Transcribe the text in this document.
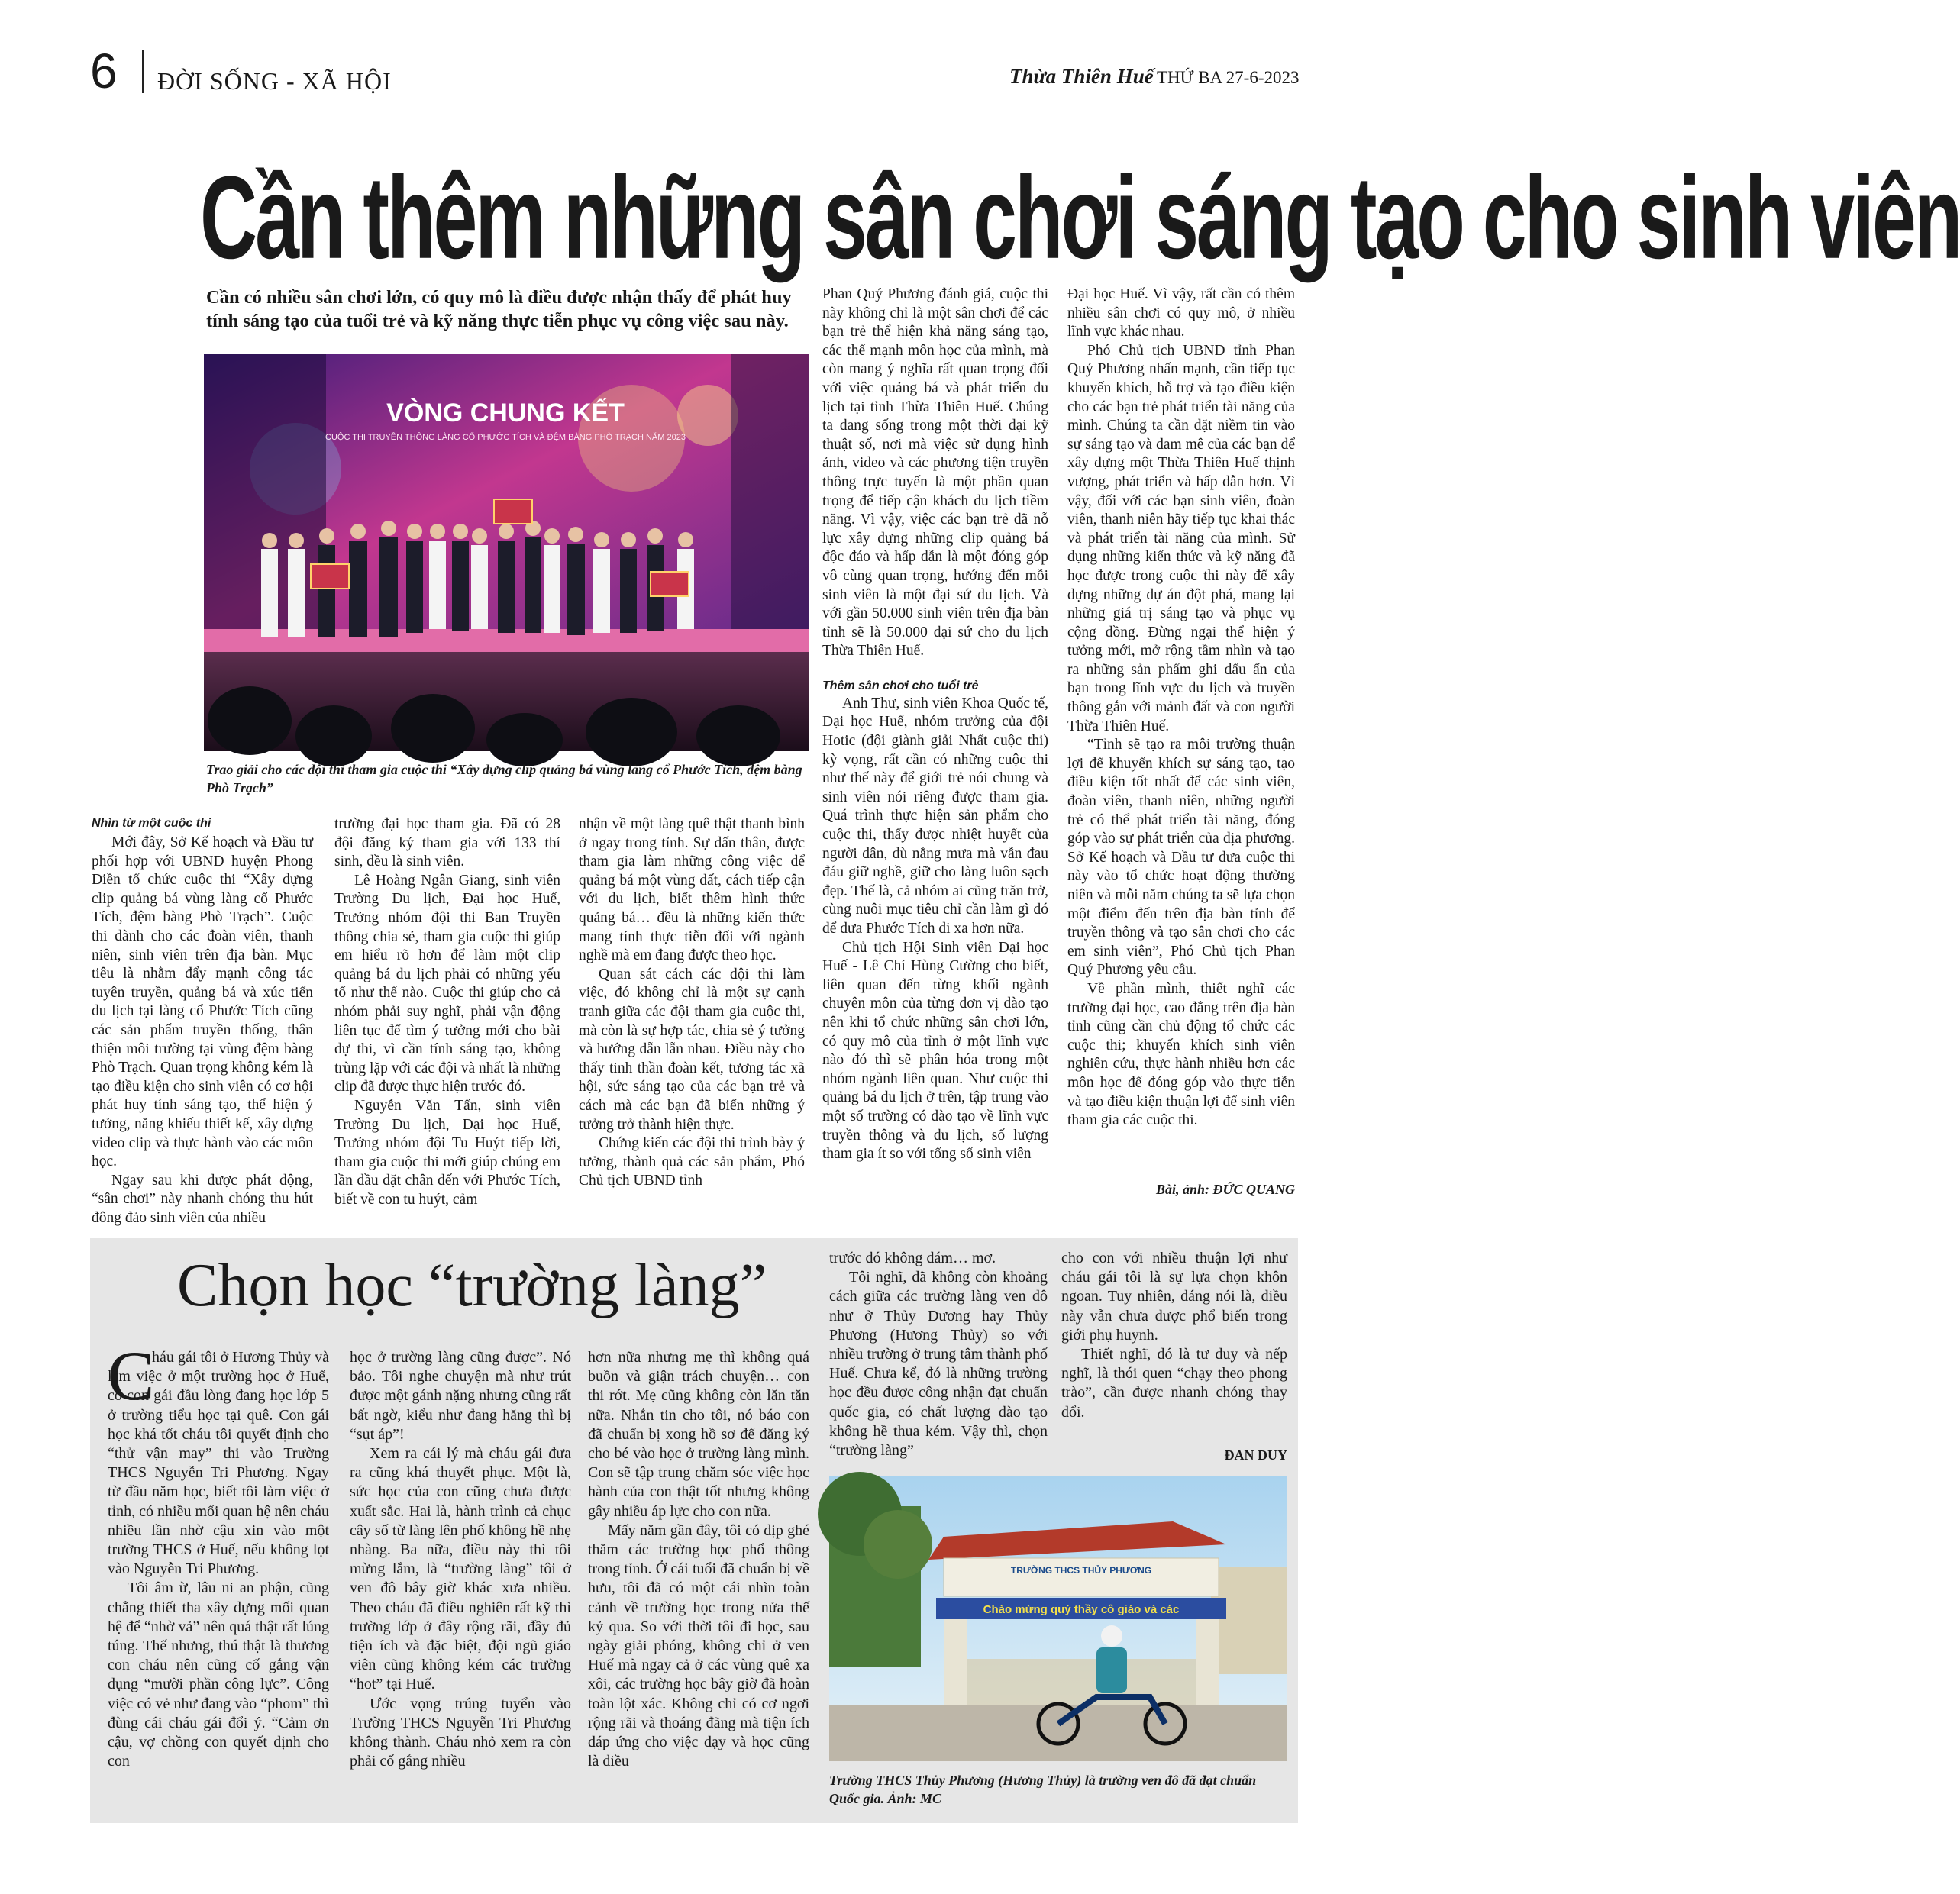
6 ĐỜI SỐNG - XÃ HỘI	Thừa Thiên Huế THỨ BA 27-6-2023
Cần thêm những sân chơi sáng tạo cho sinh viên
Cần có nhiều sân chơi lớn, có quy mô là điều được nhận thấy để phát huy tính sáng tạo của tuổi trẻ và kỹ năng thực tiễn phục vụ công việc sau này.
VÒNG CHUNG KẾT
CUỘC THI TRUYỀN THÔNG LÀNG CỔ PHƯỚC TÍCH VÀ ĐỆM BÀNG PHÒ TRẠCH NĂM 2023
Trao giải cho các đội thi tham gia cuộc thi “Xây dựng clip quảng bá vùng làng cổ Phước Tích, đệm bàng Phò Trạch”
Nhìn từ một cuộc thi

Mới đây, Sở Kế hoạch và Đầu tư phối hợp với UBND huyện Phong Điền tổ chức cuộc thi “Xây dựng clip quảng bá vùng làng cổ Phước Tích, đệm bàng Phò Trạch”. Cuộc thi dành cho các đoàn viên, thanh niên, sinh viên trên địa bàn. Mục tiêu là nhằm đẩy mạnh công tác tuyên truyền, quảng bá và xúc tiến du lịch tại làng cổ Phước Tích cũng các sản phẩm truyền thống, thân thiện môi trường tại vùng đệm bàng Phò Trạch. Quan trọng không kém là tạo điều kiện cho sinh viên có cơ hội phát huy tính sáng tạo, thể hiện ý tưởng, năng khiếu thiết kế, xây dựng video clip và thực hành vào các môn học.

Ngay sau khi được phát động, “sân chơi” này nhanh chóng thu hút đông đảo sinh viên của nhiều

trường đại học tham gia. Đã có 28 đội đăng ký tham gia với 133 thí sinh, đều là sinh viên.

Lê Hoàng Ngân Giang, sinh viên Trường Du lịch, Đại học Huế, Trưởng nhóm đội thi Ban Truyền thông chia sẻ, tham gia cuộc thi giúp em hiểu rõ hơn để làm một clip quảng bá du lịch phải có những yếu tố như thế nào. Cuộc thi giúp cho cả nhóm phải suy nghĩ, phải vận động liên tục để tìm ý tưởng mới cho bài dự thi, vì cần tính sáng tạo, không trùng lặp với các đội và nhất là những clip đã được thực hiện trước đó.

Nguyễn Văn Tấn, sinh viên Trường Du lịch, Đại học Huế, Trưởng nhóm đội Tu Huýt tiếp lời, tham gia cuộc thi mới giúp chúng em lần đầu đặt chân đến với Phước Tích, biết về con tu huýt, cảm

nhận về một làng quê thật thanh bình ở ngay trong tỉnh. Sự dấn thân, được tham gia làm những công việc để quảng bá một vùng đất, cách tiếp cận với du lịch, biết thêm hình thức quảng bá… đều là những kiến thức mang tính thực tiễn đối với ngành nghề mà em đang được theo học.

Quan sát cách các đội thi làm việc, đó không chỉ là một sự cạnh tranh giữa các đội tham gia cuộc thi, mà còn là sự hợp tác, chia sẻ ý tưởng và hướng dẫn lẫn nhau. Điều này cho thấy tinh thần đoàn kết, tương tác xã hội, sức sáng tạo của các bạn trẻ và cách mà các bạn đã biến những ý tưởng trở thành hiện thực.

Chứng kiến các đội thi trình bày ý tưởng, thành quả các sản phẩm, Phó Chủ tịch UBND tỉnh

Phan Quý Phương đánh giá, cuộc thi này không chỉ là một sân chơi để các bạn trẻ thể hiện khả năng sáng tạo, các thế mạnh môn học của mình, mà còn mang ý nghĩa rất quan trọng đối với việc quảng bá và phát triển du lịch tại tỉnh Thừa Thiên Huế. Chúng ta đang sống trong một thời đại kỹ thuật số, nơi mà việc sử dụng hình ảnh, video và các phương tiện truyền thông trực tuyến là một phần quan trọng để tiếp cận khách du lịch tiềm năng. Vì vậy, việc các bạn trẻ đã nỗ lực xây dựng những clip quảng bá độc đáo và hấp dẫn là một đóng góp vô cùng quan trọng, hướng đến mỗi sinh viên là một đại sứ du lịch. Và với gần 50.000 sinh viên trên địa bàn tỉnh sẽ là 50.000 đại sứ cho du lịch Thừa Thiên Huế.

Thêm sân chơi cho tuổi trẻ

Anh Thư, sinh viên Khoa Quốc tế, Đại học Huế, nhóm trưởng của đội Hotic (đội giành giải Nhất cuộc thi) kỳ vọng, rất cần có những cuộc thi như thế này để giới trẻ nói chung và sinh viên nói riêng được tham gia. Quá trình thực hiện sản phẩm cho cuộc thi, thấy được nhiệt huyết của người dân, dù nắng mưa mà vẫn đau đáu giữ nghề, giữ cho làng luôn sạch đẹp. Thế là, cả nhóm ai cũng trăn trở, cùng nuôi mục tiêu chỉ cần làm gì đó để đưa Phước Tích đi xa hơn nữa.

Chủ tịch Hội Sinh viên Đại học Huế - Lê Chí Hùng Cường cho biết, liên quan đến từng khối ngành chuyên môn của từng đơn vị đào tạo nên khi tổ chức những sân chơi lớn, có quy mô của tỉnh ở một lĩnh vực nào đó thì sẽ phân hóa trong một nhóm ngành liên quan. Như cuộc thi quảng bá du lịch ở trên, tập trung vào một số trường có đào tạo về lĩnh vực truyền thông và du lịch, số lượng tham gia ít so với tổng số sinh viên

Đại học Huế. Vì vậy, rất cần có thêm nhiều sân chơi có quy mô, ở nhiều lĩnh vực khác nhau.

Phó Chủ tịch UBND tỉnh Phan Quý Phương nhấn mạnh, cần tiếp tục khuyến khích, hỗ trợ và tạo điều kiện cho các bạn trẻ phát triển tài năng của mình. Chúng ta cần đặt niềm tin vào sự sáng tạo và đam mê của các bạn để xây dựng một Thừa Thiên Huế thịnh vượng, phát triển và hấp dẫn hơn. Vì vậy, đối với các bạn sinh viên, đoàn viên, thanh niên hãy tiếp tục khai thác và phát triển tài năng của mình. Sử dụng những kiến thức và kỹ năng đã học được trong cuộc thi này để xây dựng những dự án đột phá, mang lại những giá trị sáng tạo và phục vụ cộng đồng. Đừng ngại thể hiện ý tưởng mới, mở rộng tầm nhìn và tạo ra những sản phẩm ghi dấu ấn của bạn trong lĩnh vực du lịch và truyền thông gắn với mảnh đất và con người Thừa Thiên Huế.

“Tỉnh sẽ tạo ra môi trường thuận lợi để khuyến khích sự sáng tạo, tạo điều kiện tốt nhất để các sinh viên, đoàn viên, thanh niên, những người trẻ có thể phát triển tài năng, đóng góp vào sự phát triển của địa phương. Sở Kế hoạch và Đầu tư đưa cuộc thi này vào tổ chức hoạt động thường niên và mỗi năm chúng ta sẽ lựa chọn một điểm đến trên địa bàn tỉnh để truyền thông và tạo sân chơi cho các em sinh viên”, Phó Chủ tịch Phan Quý Phương yêu cầu.

Về phần mình, thiết nghĩ các trường đại học, cao đẳng trên địa bàn tỉnh cũng cần chủ động tổ chức các cuộc thi; khuyến khích sinh viên nghiên cứu, thực hành nhiều hơn các môn học để đóng góp vào thực tiễn và tạo điều kiện thuận lợi để sinh viên tham gia các cuộc thi.

Bài, ảnh: ĐỨC QUANG
Chọn học “trường làng”
C

háu gái tôi ở Hương Thủy và làm việc ở một trường học ở Huế, có con gái đầu lòng đang học lớp 5 ở trường tiểu học tại quê. Con gái học khá tốt cháu tôi quyết định cho “thử vận may” thi vào Trường THCS Nguyễn Tri Phương. Ngay từ đầu năm học, biết tôi làm việc ở tỉnh, có nhiều mối quan hệ nên cháu nhiều lần nhờ cậu xin vào một trường THCS ở Huế, nếu không lọt vào Nguyễn Tri Phương.

Tôi âm ừ, lâu ni an phận, cũng chẳng thiết tha xây dựng mối quan hệ để “nhờ vả” nên quá thật rất lúng túng. Thế nhưng, thú thật là thương con cháu nên cũng cố gắng vận dụng “mười phần công lực”. Công việc có vẻ như đang vào “phom” thì đùng cái cháu gái đổi ý. “Cảm ơn cậu, vợ chồng con quyết định cho con

học ở trường làng cũng được”. Nó bảo. Tôi nghe chuyện mà như trút được một gánh nặng nhưng cũng rất bất ngờ, kiểu như đang hăng thì bị “sụt áp”!

Xem ra cái lý mà cháu gái đưa ra cũng khá thuyết phục. Một là, sức học của con cũng chưa được xuất sắc. Hai là, hành trình cả chục cây số từ làng lên phố không hề nhẹ nhàng. Ba nữa, điều này thì tôi mừng lắm, là “trường làng” tôi ở ven đô bây giờ khác xưa nhiều. Theo cháu đã điều nghiên rất kỹ thì trường lớp ở đây rộng rãi, đầy đủ tiện ích và đặc biệt, đội ngũ giáo viên cũng không kém các trường “hot” tại Huế.

Ước vọng trúng tuyển vào Trường THCS Nguyễn Tri Phương không thành. Cháu nhỏ xem ra còn phải cố gắng nhiều

hơn nữa nhưng mẹ thì không quá buồn và giận trách chuyện… con thi rớt. Mẹ cũng không còn lăn tăn nữa. Nhắn tin cho tôi, nó báo con đã chuẩn bị xong hồ sơ để đăng ký cho bé vào học ở trường làng mình. Con sẽ tập trung chăm sóc việc học hành của con thật tốt nhưng không gây nhiều áp lực cho con nữa.

Mấy năm gần đây, tôi có dịp ghé thăm các trường học phổ thông trong tỉnh. Ở cái tuổi đã chuẩn bị về hưu, tôi đã có một cái nhìn toàn cảnh về trường học trong nửa thế kỷ qua. So với thời tôi đi học, sau ngày giải phóng, không chỉ ở ven Huế mà ngay cả ở các vùng quê xa xôi, các trường học bây giờ đã hoàn toàn lột xác. Không chỉ có cơ ngơi rộng rãi và thoáng đãng mà tiện ích đáp ứng cho việc dạy và học cũng là điều

trước đó không dám… mơ.

Tôi nghĩ, đã không còn khoảng cách giữa các trường làng ven đô như ở Thủy Dương hay Thủy Phương (Hương Thủy) so với nhiều trường ở trung tâm thành phố Huế. Chưa kể, đó là những trường học đều được công nhận đạt chuẩn quốc gia, có chất lượng đào tạo không hề thua kém. Vậy thì, chọn “trường làng”

cho con với nhiều thuận lợi như cháu gái tôi là sự lựa chọn khôn ngoan. Tuy nhiên, đáng nói là, điều này vẫn chưa được phổ biến trong giới phụ huynh.

Thiết nghĩ, đó là tư duy và nếp nghĩ, là thói quen “chạy theo phong trào”, cần được nhanh chóng thay đổi.

ĐAN DUY
TRƯỜNG THCS THỦY PHƯƠNG
Chào mừng quý thầy cô giáo và các
Trường THCS Thủy Phương (Hương Thủy) là trường ven đô đã đạt chuẩn Quốc gia. Ảnh: MC
